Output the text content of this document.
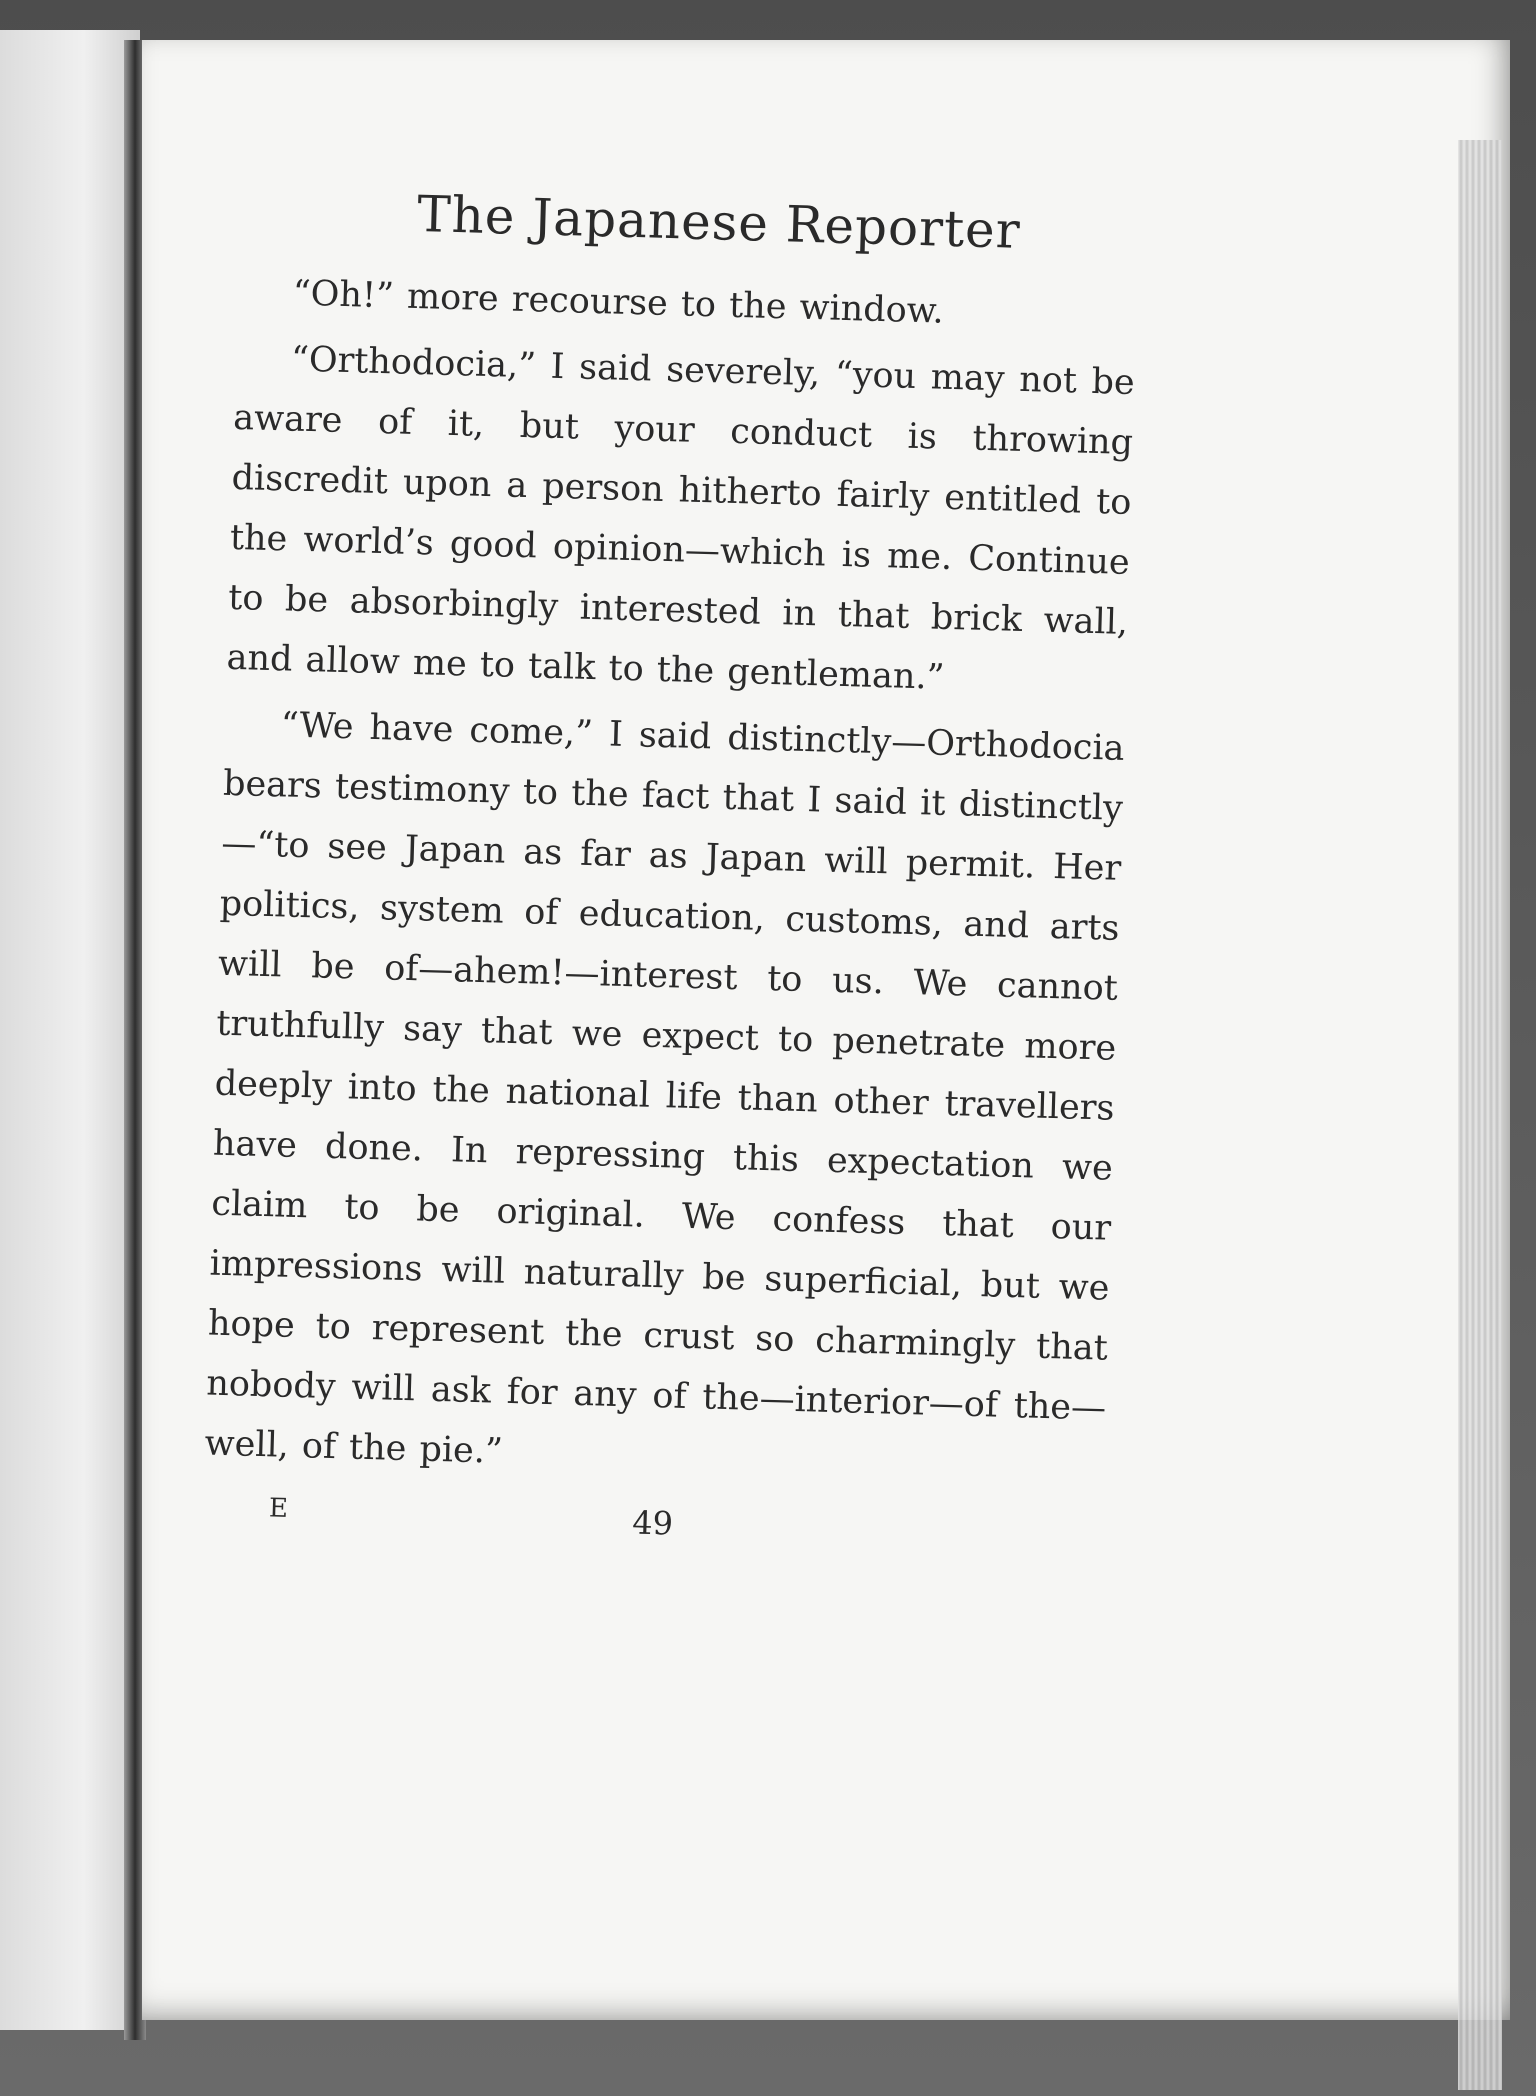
The Japanese Reporter

“Oh!” more recourse to the window.

“Orthodocia,” I said severely, “you may not be aware of it, but your conduct is throwing discredit upon a person hitherto fairly entitled to the world’s good opinion—which is me. Continue to be absorbingly interested in that brick wall, and allow me to talk to the gentleman.”

“We have come,” I said distinctly—Orthodocia bears testimony to the fact that I said it distinctly—“to see Japan as far as Japan will permit. Her politics, system of education, customs, and arts will be of—ahem!—interest to us. We cannot truthfully say that we expect to penetrate more deeply into the national life than other travellers have done. In repressing this expectation we claim to be original. We confess that our impressions will naturally be superficial, but we hope to represent the crust so charmingly that nobody will ask for any of the—interior—of the—well, of the pie.”

E	49
